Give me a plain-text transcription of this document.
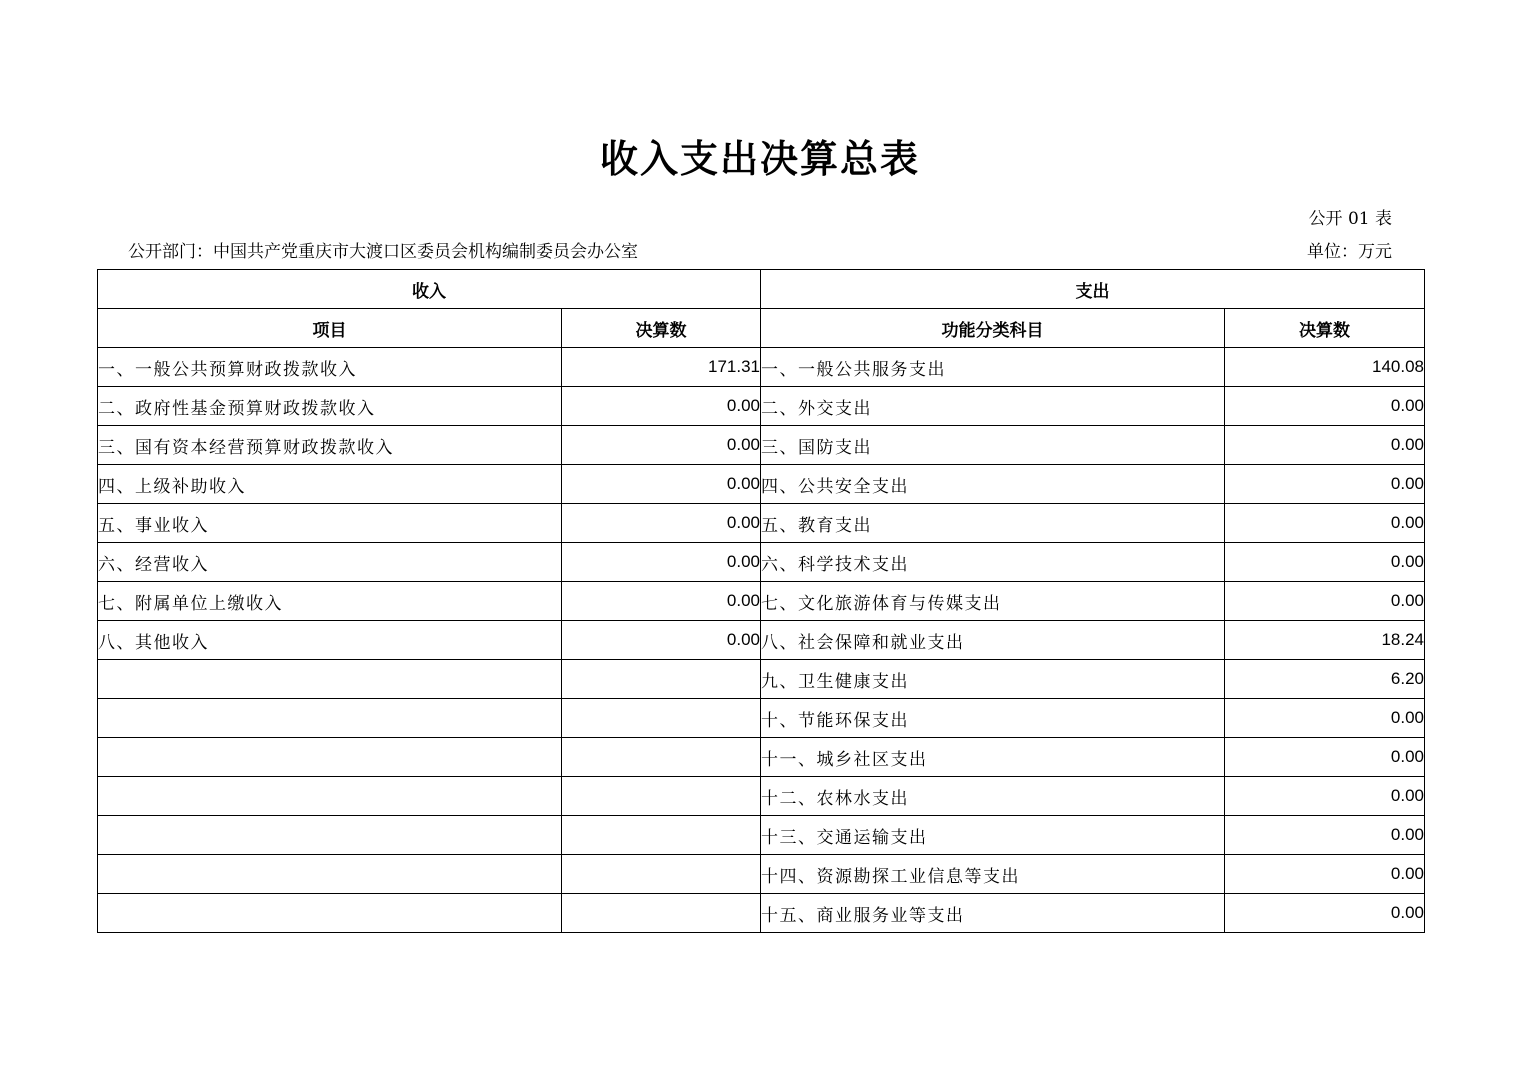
收入支出决算总表
公开 01 表
公开部门：中国共产党重庆市大渡口区委员会机构编制委员会办公室	单位：万元
收入		支出	
项目	决算数	功能分类科目	决算数
一、一般公共预算财政拨款收入	171.31	一、一般公共服务支出	140.08
二、政府性基金预算财政拨款收入	0.00	二、外交支出	0.00
三、国有资本经营预算财政拨款收入	0.00	三、国防支出	0.00
四、上级补助收入	0.00	四、公共安全支出	0.00
五、事业收入	0.00	五、教育支出	0.00
六、经营收入	0.00	六、科学技术支出	0.00
七、附属单位上缴收入	0.00	七、文化旅游体育与传媒支出	0.00
八、其他收入	0.00	八、社会保障和就业支出	18.24
		九、卫生健康支出	6.20
		十、节能环保支出	0.00
		十一、城乡社区支出	0.00
		十二、农林水支出	0.00
		十三、交通运输支出	0.00
		十四、资源勘探工业信息等支出	0.00
		十五、商业服务业等支出	0.00
